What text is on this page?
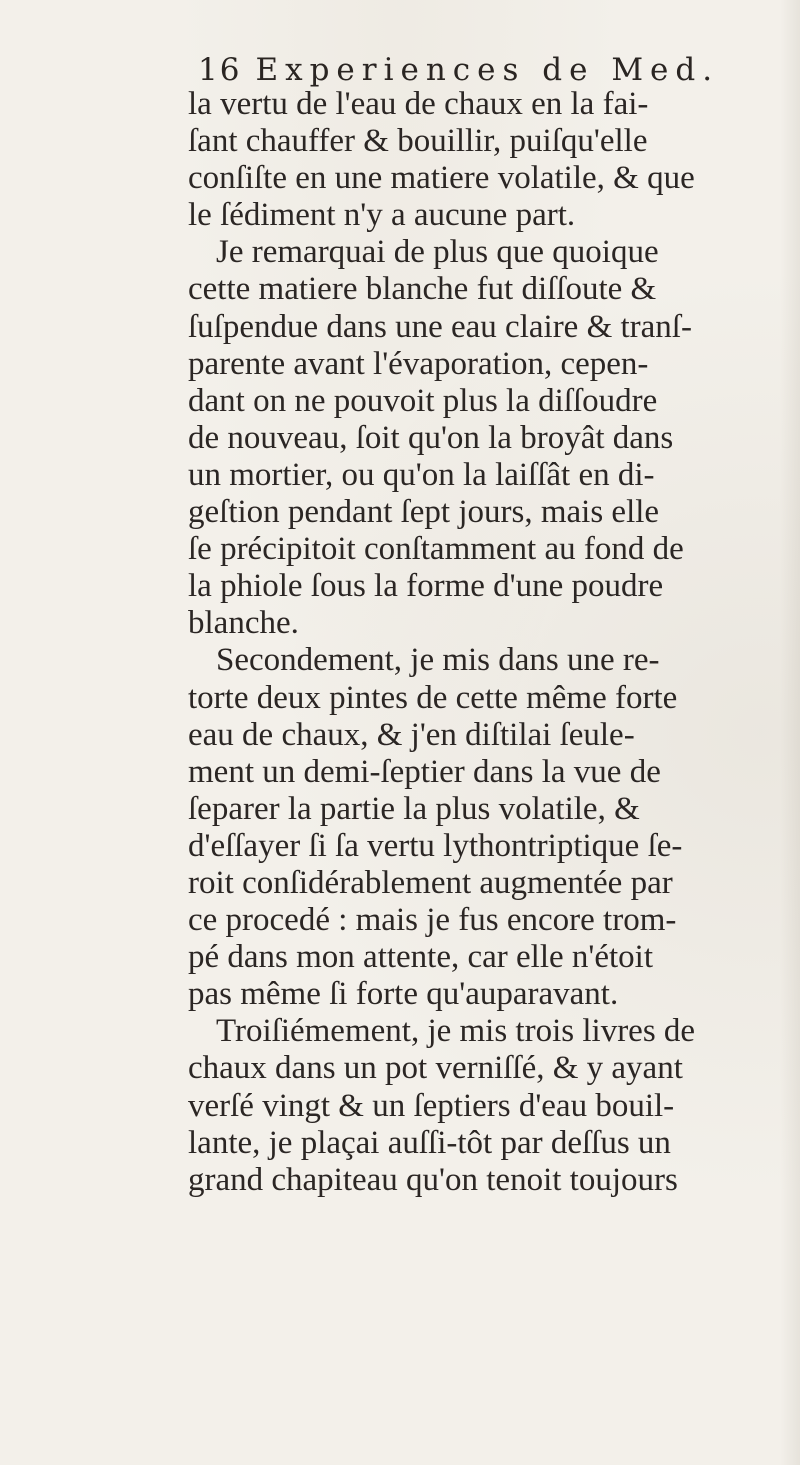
16 Experiences de Med.
la vertu de l'eau de chaux en la fai-
ſant chauffer & bouillir, puiſqu'elle
conſiſte en une matiere volatile, & que
le ſédiment n'y a aucune part.
Je remarquai de plus que quoique
cette matiere blanche fut diſſoute &
ſuſpendue dans une eau claire & tranſ-
parente avant l'évaporation, cepen-
dant on ne pouvoit plus la diſſoudre
de nouveau, ſoit qu'on la broyât dans
un mortier, ou qu'on la laiſſât en di-
geſtion pendant ſept jours, mais elle
ſe précipitoit conſtamment au fond de
la phiole ſous la forme d'une poudre
blanche.
Secondement, je mis dans une re-
torte deux pintes de cette même forte
eau de chaux, & j'en diſtilai ſeule-
ment un demi-ſeptier dans la vue de
ſeparer la partie la plus volatile, &
d'eſſayer ſi ſa vertu lythontriptique ſe-
roit conſidérablement augmentée par
ce procedé : mais je fus encore trom-
pé dans mon attente, car elle n'étoit
pas même ſi forte qu'auparavant.
Troiſiémement, je mis trois livres de
chaux dans un pot verniſſé, & y ayant
verſé vingt & un ſeptiers d'eau bouil-
lante, je plaçai auſſi-tôt par deſſus un
grand chapiteau qu'on tenoit toujours
